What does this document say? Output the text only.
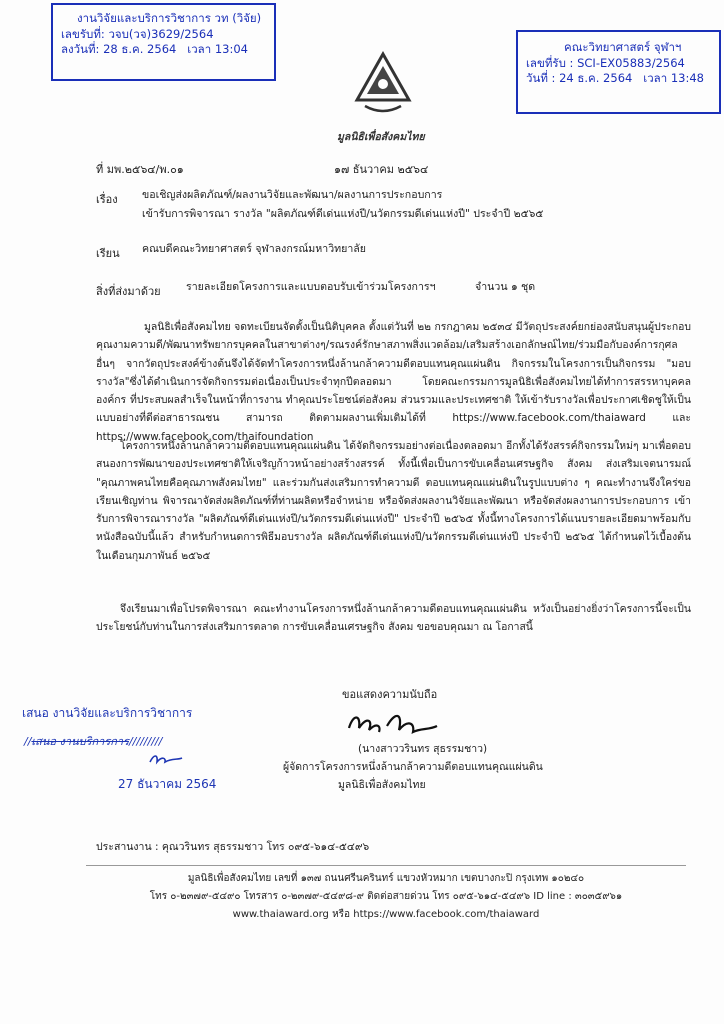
งานวิจัยและบริการวิชาการ วท (วิจัย)
เลขรับที่: วจบ(วจ)3629/2564
ลงวันที่: 28 ธ.ค. 2564 เวลา 13:04	คณะวิทยาศาสตร์ จุฬาฯ
เลขที่รับ : SCI-EX05883/2564
วันที่ : 24 ธ.ค. 2564 เวลา 13:48
มูลนิธิเพื่อสังคมไทย
ที่ มพ.๒๕๖๔/พ.๐๑	๑๗ ธันวาคม ๒๕๖๔
เรื่อง ขอเชิญส่งผลิตภัณฑ์/ผลงานวิจัยและพัฒนา/ผลงานการประกอบการ
เข้ารับการพิจารณา รางวัล "ผลิตภัณฑ์ดีเด่นแห่งปี/นวัตกรรมดีเด่นแห่งปี" ประจำปี ๒๕๖๕
เรียน คณบดีคณะวิทยาศาสตร์ จุฬาลงกรณ์มหาวิทยาลัย
สิ่งที่ส่งมาด้วย รายละเอียดโครงการและแบบตอบรับเข้าร่วมโครงการฯ	จำนวน ๑ ชุด

มูลนิธิเพื่อสังคมไทย จดทะเบียนจัดตั้งเป็นนิติบุคคล ตั้งแต่วันที่ ๒๒ กรกฎาคม ๒๕๓๔ มีวัตถุประสงค์ยกย่องสนับสนุนผู้ประกอบคุณงามความดี/พัฒนาทรัพยากรบุคคลในสาขาต่างๆ/รณรงค์รักษาสภาพสิ่งแวดล้อม/เสริมสร้างเอกลักษณ์ไทย/ร่วมมือกับองค์การกุศลอื่นๆ จากวัตถุประสงค์ข้างต้นจึงได้จัดทำโครงการหนึ่งล้านกล้าความดีตอบแทนคุณแผ่นดิน กิจกรรมในโครงการเป็นกิจกรรม "มอบรางวัล"ซึ่งได้ดำเนินการจัดกิจกรรมต่อเนื่องเป็นประจำทุกปีตลอดมา โดยคณะกรรมการมูลนิธิเพื่อสังคมไทยได้ทำการสรรหาบุคคล องค์กร ที่ประสบผลสำเร็จในหน้าที่การงาน ทำคุณประโยชน์ต่อสังคม ส่วนรวมและประเทศชาติ ให้เข้ารับรางวัลเพื่อประกาศเชิดชูให้เป็นแบบอย่างที่ดีต่อสาธารณชน สามารถ ติดตามผลงานเพิ่มเติมได้ที่ https://www.facebook.com/thaiaward และ https://www.facebook.com/thaifoundation

โครงการหนึ่งล้านกล้าความดีตอบแทนคุณแผ่นดิน ได้จัดกิจกรรมอย่างต่อเนื่องตลอดมา อีกทั้งได้รังสรรค์กิจกรรมใหม่ๆ มาเพื่อตอบสนองการพัฒนาของประเทศชาติให้เจริญก้าวหน้าอย่างสร้างสรรค์ ทั้งนี้เพื่อเป็นการขับเคลื่อนเศรษฐกิจ สังคม ส่งเสริมเจตนารมณ์ "คุณภาพคนไทยคือคุณภาพสังคมไทย" และร่วมกันส่งเสริมการทำความดี ตอบแทนคุณแผ่นดินในรูปแบบต่าง ๆ คณะทำงานจึงใคร่ขอเรียนเชิญท่าน พิจารณาจัดส่งผลิตภัณฑ์ที่ท่านผลิตหรือจำหน่าย หรือจัดส่งผลงานวิจัยและพัฒนา หรือจัดส่งผลงานการประกอบการ เข้ารับการพิจารณารางวัล "ผลิตภัณฑ์ดีเด่นแห่งปี/นวัตกรรมดีเด่นแห่งปี" ประจำปี ๒๕๖๕ ทั้งนี้ทางโครงการได้แนบรายละเอียดมาพร้อมกับหนังสือฉบับนี้แล้ว สำหรับกำหนดการพิธีมอบรางวัล ผลิตภัณฑ์ดีเด่นแห่งปี/นวัตกรรมดีเด่นแห่งปี ประจำปี ๒๕๖๕ ได้กำหนดไว้เบื้องต้นในเดือนกุมภาพันธ์ ๒๕๖๕

จึงเรียนมาเพื่อโปรดพิจารณา คณะทำงานโครงการหนึ่งล้านกล้าความดีตอบแทนคุณแผ่นดิน หวังเป็นอย่างยิ่งว่าโครงการนี้จะเป็นประโยชน์กับท่านในการส่งเสริมการตลาด การขับเคลื่อนเศรษฐกิจ สังคม ขอขอบคุณมา ณ โอกาสนี้

ขอแสดงความนับถือ
(นางสาววรินทร สุธรรมชาว)
ผู้จัดการโครงการหนึ่งล้านกล้าความดีตอบแทนคุณแผ่นดิน
มูลนิธิเพื่อสังคมไทย
เสนอ งานวิจัยและบริการวิชาการ
//เสนอ งานบริการการ/////////
27 ธันวาคม 2564
ประสานงาน : คุณวรินทร สุธรรมชาว โทร ๐๙๕-๖๑๔-๕๔๙๖
มูลนิธิเพื่อสังคมไทย เลขที่ ๑๓๗ ถนนศรีนครินทร์ แขวงหัวหมาก เขตบางกะปิ กรุงเทพ ๑๐๒๔๐
โทร ๐-๒๓๗๙-๕๔๙๐ โทรสาร ๐-๒๓๗๙-๕๔๙๘-๙ ติดต่อสายด่วน โทร ๐๙๕-๖๑๔-๕๔๙๖ ID line : ๓๐๓๕๙๖๑
www.thaiaward.org หรือ https://www.facebook.com/thaiaward
